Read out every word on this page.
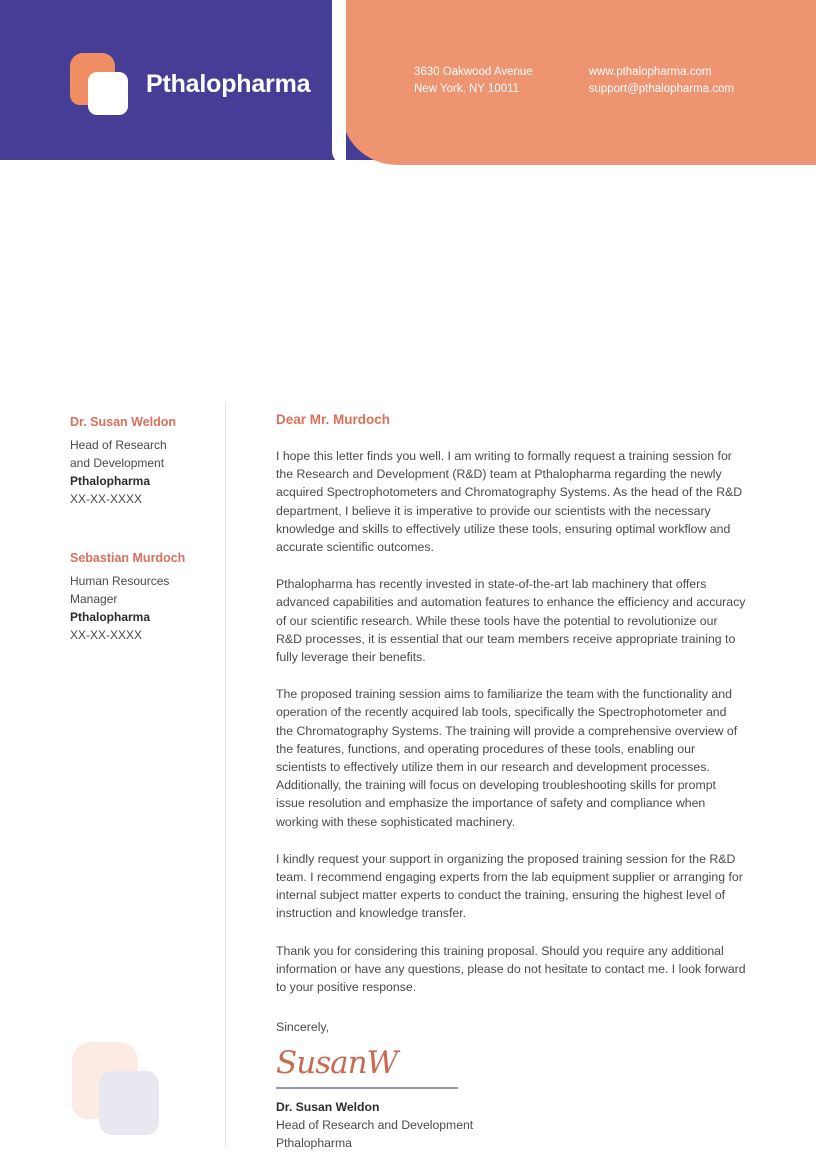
Pthalopharma	3630 Oakwood Avenue
New York, NY 10011
www.pthalopharma.com
support@pthalopharma.com
Dr. Susan Weldon
Head of Research
and Development
Pthalopharma
XX-XX-XXXX
Sebastian Murdoch
Human Resources
Manager
Pthalopharma
XX-XX-XXXX
Dear Mr. Murdoch

I hope this letter finds you well. I am writing to formally request a training session for the Research and Development (R&D) team at Pthalopharma regarding the newly acquired Spectrophotometers and Chromatography Systems. As the head of the R&D department, I believe it is imperative to provide our scientists with the necessary knowledge and skills to effectively utilize these tools, ensuring optimal workflow and accurate scientific outcomes.

Pthalopharma has recently invested in state-of-the-art lab machinery that offers advanced capabilities and automation features to enhance the efficiency and accuracy of our scientific research. While these tools have the potential to revolutionize our R&D processes, it is essential that our team members receive appropriate training to fully leverage their benefits.

The proposed training session aims to familiarize the team with the functionality and operation of the recently acquired lab tools, specifically the Spectrophotometer and the Chromatography Systems. The training will provide a comprehensive overview of the features, functions, and operating procedures of these tools, enabling our scientists to effectively utilize them in our research and development processes. Additionally, the training will focus on developing troubleshooting skills for prompt issue resolution and emphasize the importance of safety and compliance when working with these sophisticated machinery.

I kindly request your support in organizing the proposed training session for the R&D team. I recommend engaging experts from the lab equipment supplier or arranging for internal subject matter experts to conduct the training, ensuring the highest level of instruction and knowledge transfer.

Thank you for considering this training proposal. Should you require any additional information or have any questions, please do not hesitate to contact me. I look forward to your positive response.

Sincerely,
SusanW
Dr. Susan Weldon
Head of Research and Development
Pthalopharma
